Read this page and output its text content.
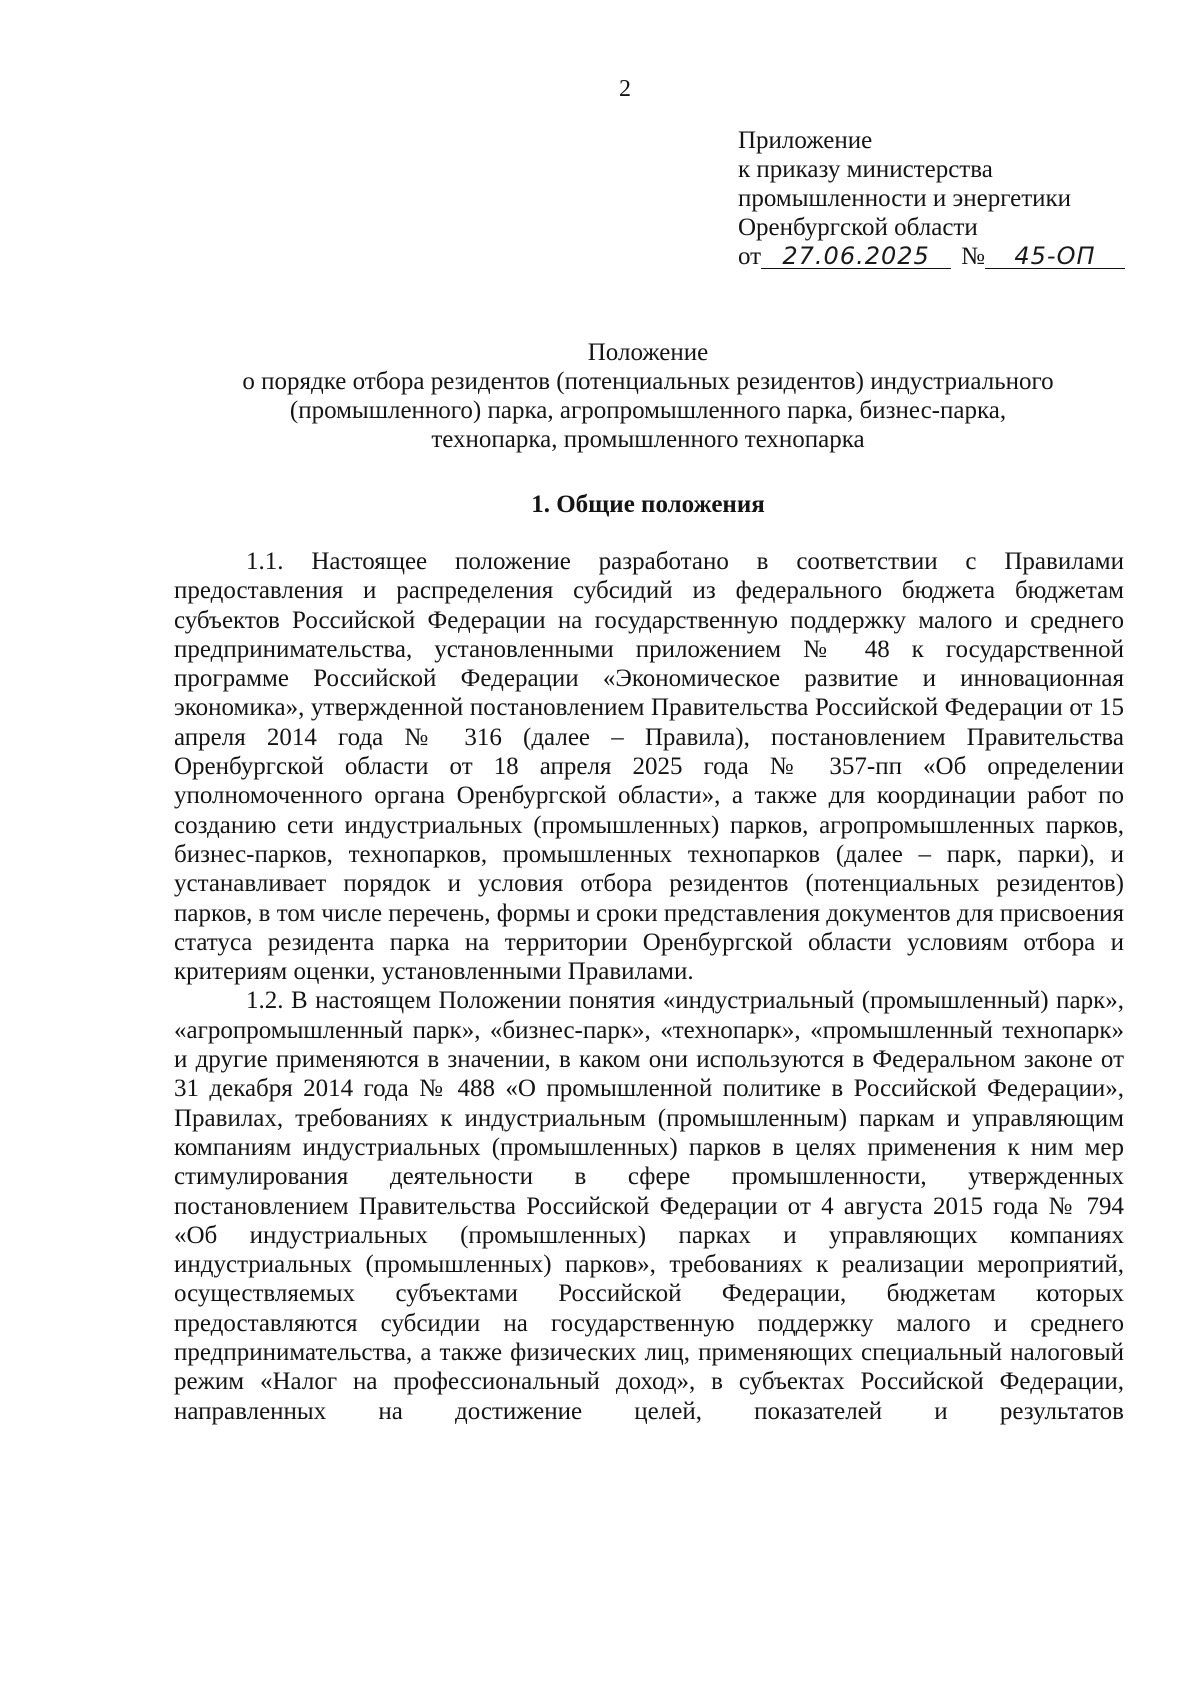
2
Приложение
к приказу министерства
промышленности и энергетики
Оренбургской области
от 27.06.2025 № 45-ОП
Положение
о порядке отбора резидентов (потенциальных резидентов) индустриального
(промышленного) парка, агропромышленного парка, бизнес-парка,
технопарка, промышленного технопарка
1. Общие положения

1.1. Настоящее положение разработано в соответствии с Правилами предоставления и распределения субсидий из федерального бюджета бюджетам субъектов Российской Федерации на государственную поддержку малого и среднего предпринимательства, установленными приложением № 48 к государственной программе Российской Федерации «Экономическое развитие и инновационная экономика», утвержденной постановлением Правительства Российской Федерации от 15 апреля 2014 года № 316 (далее – Правила), постановлением Правительства Оренбургской области от 18 апреля 2025 года № 357-пп «Об определении уполномоченного органа Оренбургской области», а также для координации работ по созданию сети индустриальных (промышленных) парков, агропромышленных парков, бизнес-парков, технопарков, промышленных технопарков (далее – парк, парки), и устанавливает порядок и условия отбора резидентов (потенциальных резидентов) парков, в том числе перечень, формы и сроки представления документов для присвоения статуса резидента парка на территории Оренбургской области условиям отбора и критериям оценки, установленными Правилами.

1.2. В настоящем Положении понятия «индустриальный (промышленный) парк», «агропромышленный парк», «бизнес-парк», «технопарк», «промышленный технопарк» и другие применяются в значении, в каком они используются в Федеральном законе от 31 декабря 2014 года № 488 «О промышленной политике в Российской Федерации», Правилах, требованиях к индустриальным (промышленным) паркам и управляющим компаниям индустриальных (промышленных) парков в целях применения к ним мер стимулирования деятельности в сфере промышленности, утвержденных постановлением Правительства Российской Федерации от 4 августа 2015 года № 794 «Об индустриальных (промышленных) парках и управляющих компаниях индустриальных (промышленных) парков», требованиях к реализации мероприятий, осуществляемых субъектами Российской Федерации, бюджетам которых предоставляются субсидии на государственную поддержку малого и среднего предпринимательства, а также физических лиц, применяющих специальный налоговый режим «Налог на профессиональный доход», в субъектах Российской Федерации, направленных на достижение целей, показателей и результатов
